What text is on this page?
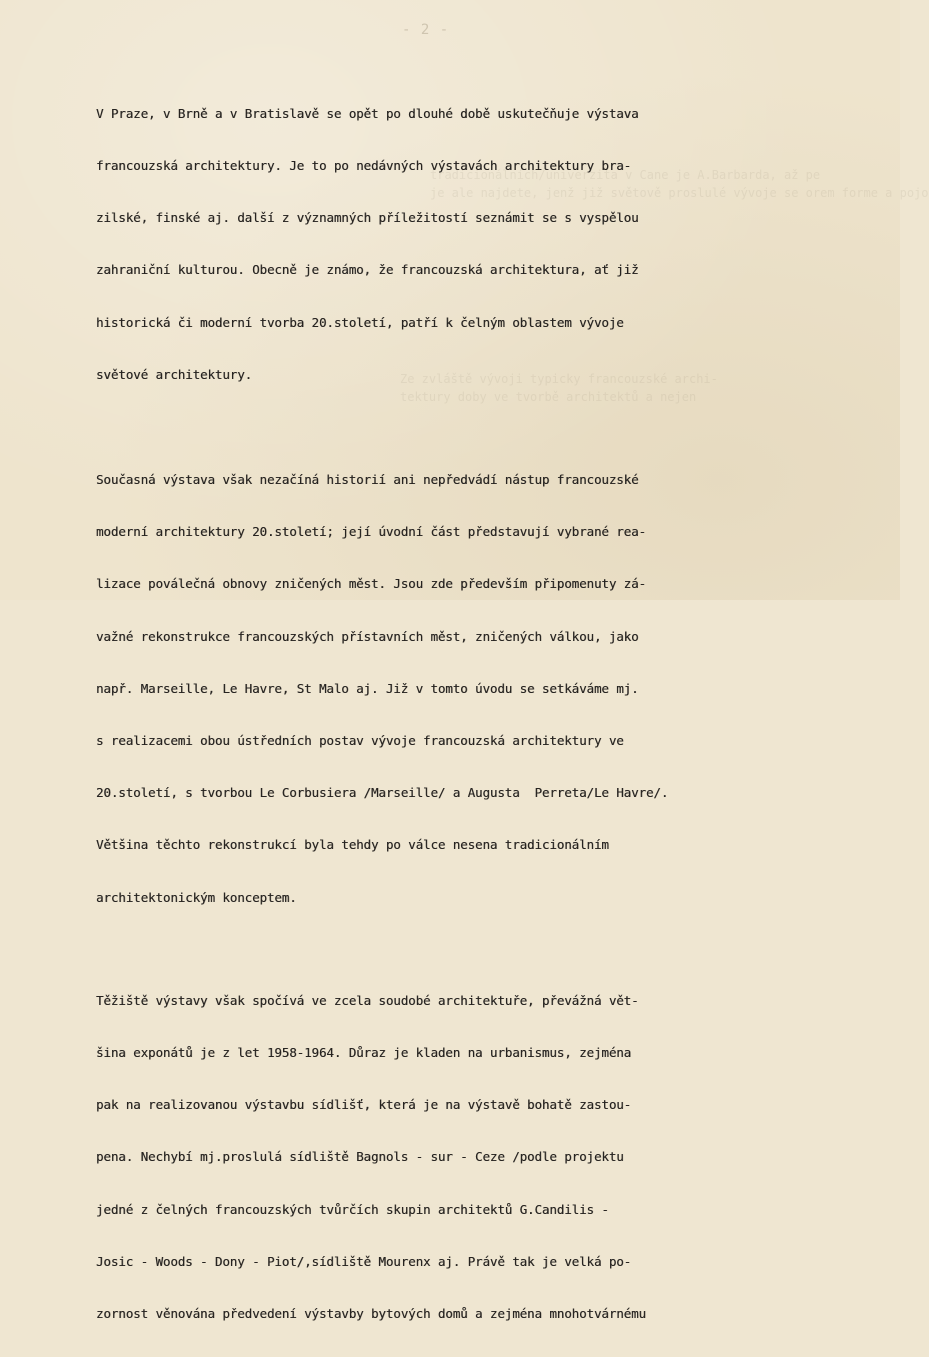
- 2 -
tradicionálních/univerzita v Cane je A.Barbarda, až pe
je ale najdete, jenž již světově proslulé vývoje se orem forme a pojo
Ze zvláště vývoji typicky francouzské archi-
tektury doby ve tvorbě architektů a nejen

V Praze, v Brně a v Bratislavě se opět po dlouhé době uskutečňuje výstava

francouzská architektury. Je to po nedávných výstavách architektury bra-

zilské, finské aj. další z významných příležitostí seznámit se s vyspělou

zahraniční kulturou. Obecně je známo, že francouzská architektura, ať již

historická či moderní tvorba 20.století, patří k čelným oblastem vývoje

světové architektury.

Současná výstava však nezačíná historií ani nepředvádí nástup francouzské

moderní architektury 20.století; její úvodní část představují vybrané rea-

lizace poválečná obnovy zničených měst. Jsou zde především připomenuty zá-

važné rekonstrukce francouzských přístavních měst, zničených válkou, jako

např. Marseille, Le Havre, St Malo aj. Již v tomto úvodu se setkáváme mj.

s realizacemi obou ústředních postav vývoje francouzská architektury ve

20.století, s tvorbou Le Corbusiera /Marseille/ a Augusta  Perreta/Le Havre/.

Většina těchto rekonstrukcí byla tehdy po válce nesena tradicionálním

architektonickým konceptem.

Těžiště výstavy však spočívá ve zcela soudobé architektuře, převážná vět-

šina exponátů je z let 1958-1964. Důraz je kladen na urbanismus, zejména

pak na realizovanou výstavbu sídlišť, která je na výstavě bohatě zastou-

pena. Nechybí mj.proslulá sídliště Bagnols - sur - Ceze /podle projektu

jedné z čelných francouzských tvůrčích skupin architektů G.Candilis -

Josic - Woods - Dony - Piot/,sídliště Mourenx aj. Právě tak je velká po-

zornost věnována předvedení výstavby bytových domů a zejména mnohotvárnému
